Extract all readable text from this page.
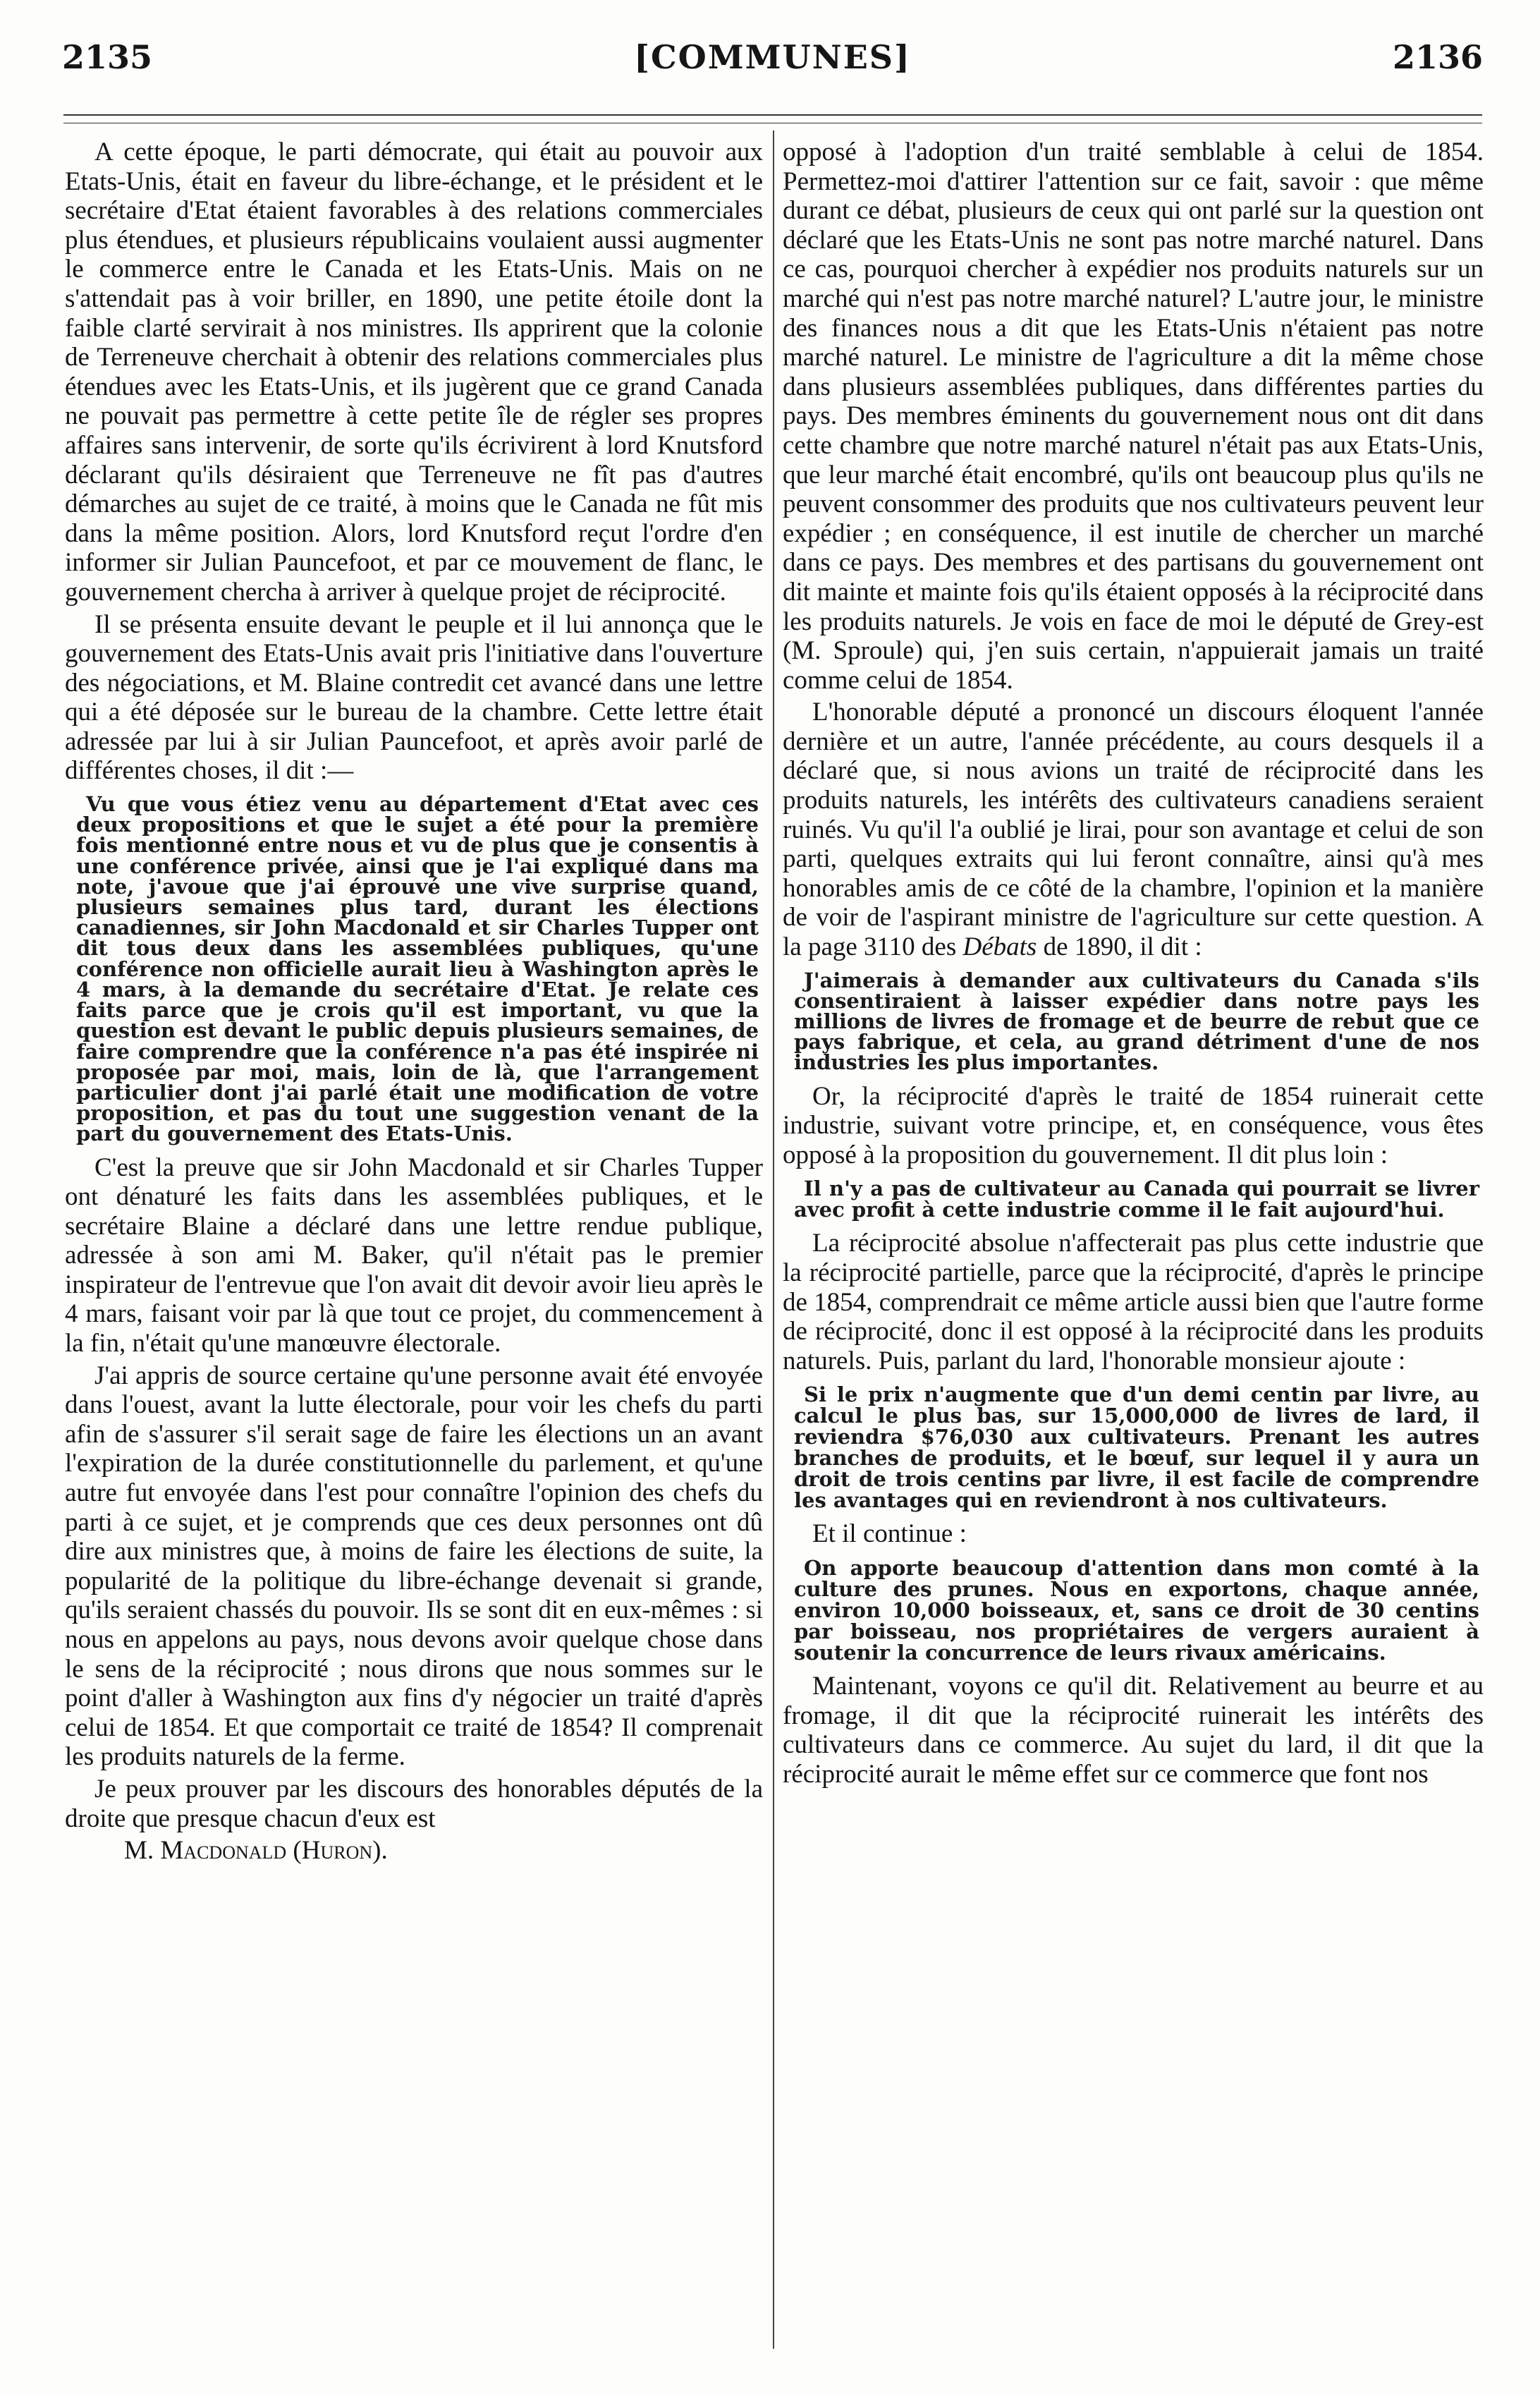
2135	[COMMUNES]	2136

A cette époque, le parti démocrate, qui était au pouvoir aux Etats-Unis, était en faveur du libre-échange, et le président et le secrétaire d'Etat étaient favorables à des relations commerciales plus étendues, et plusieurs républicains voulaient aussi augmenter le commerce entre le Canada et les Etats-Unis. Mais on ne s'attendait pas à voir briller, en 1890, une petite étoile dont la faible clarté servirait à nos ministres. Ils apprirent que la colonie de Terreneuve cherchait à obtenir des relations commerciales plus étendues avec les Etats-Unis, et ils jugèrent que ce grand Canada ne pouvait pas permettre à cette petite île de régler ses propres affaires sans intervenir, de sorte qu'ils écrivirent à lord Knutsford déclarant qu'ils désiraient que Terreneuve ne fît pas d'autres démarches au sujet de ce traité, à moins que le Canada ne fût mis dans la même position. Alors, lord Knutsford reçut l'ordre d'en informer sir Julian Pauncefoot, et par ce mouvement de flanc, le gouvernement chercha à arriver à quelque projet de réciprocité.

Il se présenta ensuite devant le peuple et il lui annonça que le gouvernement des Etats-Unis avait pris l'initiative dans l'ouverture des négociations, et M. Blaine contredit cet avancé dans une lettre qui a été déposée sur le bureau de la chambre. Cette lettre était adressée par lui à sir Julian Pauncefoot, et après avoir parlé de différentes choses, il dit :—

Vu que vous étiez venu au département d'Etat avec ces deux propositions et que le sujet a été pour la première fois mentionné entre nous et vu de plus que je consentis à une conférence privée, ainsi que je l'ai expliqué dans ma note, j'avoue que j'ai éprouvé une vive surprise quand, plusieurs semaines plus tard, durant les élections canadiennes, sir John Macdonald et sir Charles Tupper ont dit tous deux dans les assemblées publiques, qu'une conférence non officielle aurait lieu à Washington après le 4 mars, à la demande du secrétaire d'Etat. Je relate ces faits parce que je crois qu'il est important, vu que la question est devant le public depuis plusieurs semaines, de faire comprendre que la conférence n'a pas été inspirée ni proposée par moi, mais, loin de là, que l'arrangement particulier dont j'ai parlé était une modification de votre proposition, et pas du tout une suggestion venant de la part du gouvernement des Etats-Unis.

C'est la preuve que sir John Macdonald et sir Charles Tupper ont dénaturé les faits dans les assemblées publiques, et le secrétaire Blaine a déclaré dans une lettre rendue publique, adressée à son ami M. Baker, qu'il n'était pas le premier inspirateur de l'entrevue que l'on avait dit devoir avoir lieu après le 4 mars, faisant voir par là que tout ce projet, du commencement à la fin, n'était qu'une manœuvre électorale.

J'ai appris de source certaine qu'une personne avait été envoyée dans l'ouest, avant la lutte électorale, pour voir les chefs du parti afin de s'assurer s'il serait sage de faire les élections un an avant l'expiration de la durée constitutionnelle du parlement, et qu'une autre fut envoyée dans l'est pour connaître l'opinion des chefs du parti à ce sujet, et je comprends que ces deux personnes ont dû dire aux ministres que, à moins de faire les élections de suite, la popularité de la politique du libre-échange devenait si grande, qu'ils seraient chassés du pouvoir. Ils se sont dit en eux-mêmes : si nous en appelons au pays, nous devons avoir quelque chose dans le sens de la réciprocité ; nous dirons que nous sommes sur le point d'aller à Washington aux fins d'y négocier un traité d'après celui de 1854. Et que comportait ce traité de 1854? Il comprenait les produits naturels de la ferme.

Je peux prouver par les discours des honorables députés de la droite que presque chacun d'eux est

M. Macdonald (Huron).

opposé à l'adoption d'un traité semblable à celui de 1854. Permettez-moi d'attirer l'attention sur ce fait, savoir : que même durant ce débat, plusieurs de ceux qui ont parlé sur la question ont déclaré que les Etats-Unis ne sont pas notre marché naturel. Dans ce cas, pourquoi chercher à expédier nos produits naturels sur un marché qui n'est pas notre marché naturel? L'autre jour, le ministre des finances nous a dit que les Etats-Unis n'étaient pas notre marché naturel. Le ministre de l'agriculture a dit la même chose dans plusieurs assemblées publiques, dans différentes parties du pays. Des membres éminents du gouvernement nous ont dit dans cette chambre que notre marché naturel n'était pas aux Etats-Unis, que leur marché était encombré, qu'ils ont beaucoup plus qu'ils ne peuvent consommer des produits que nos cultivateurs peuvent leur expédier ; en conséquence, il est inutile de chercher un marché dans ce pays. Des membres et des partisans du gouvernement ont dit mainte et mainte fois qu'ils étaient opposés à la réciprocité dans les produits naturels. Je vois en face de moi le député de Grey-est (M. Sproule) qui, j'en suis certain, n'appuierait jamais un traité comme celui de 1854.

L'honorable député a prononcé un discours éloquent l'année dernière et un autre, l'année précédente, au cours desquels il a déclaré que, si nous avions un traité de réciprocité dans les produits naturels, les intérêts des cultivateurs canadiens seraient ruinés. Vu qu'il l'a oublié je lirai, pour son avantage et celui de son parti, quelques extraits qui lui feront connaître, ainsi qu'à mes honorables amis de ce côté de la chambre, l'opinion et la manière de voir de l'aspirant ministre de l'agriculture sur cette question. A la page 3110 des Débats de 1890, il dit :

J'aimerais à demander aux cultivateurs du Canada s'ils consentiraient à laisser expédier dans notre pays les millions de livres de fromage et de beurre de rebut que ce pays fabrique, et cela, au grand détriment d'une de nos industries les plus importantes.

Or, la réciprocité d'après le traité de 1854 ruinerait cette industrie, suivant votre principe, et, en conséquence, vous êtes opposé à la proposition du gouvernement. Il dit plus loin :

Il n'y a pas de cultivateur au Canada qui pourrait se livrer avec profit à cette industrie comme il le fait aujourd'hui.

La réciprocité absolue n'affecterait pas plus cette industrie que la réciprocité partielle, parce que la réciprocité, d'après le principe de 1854, comprendrait ce même article aussi bien que l'autre forme de réciprocité, donc il est opposé à la réciprocité dans les produits naturels. Puis, parlant du lard, l'honorable monsieur ajoute :

Si le prix n'augmente que d'un demi centin par livre, au calcul le plus bas, sur 15,000,000 de livres de lard, il reviendra $76,030 aux cultivateurs. Prenant les autres branches de produits, et le bœuf, sur lequel il y aura un droit de trois centins par livre, il est facile de comprendre les avantages qui en reviendront à nos cultivateurs.

Et il continue :

On apporte beaucoup d'attention dans mon comté à la culture des prunes. Nous en exportons, chaque année, environ 10,000 boisseaux, et, sans ce droit de 30 centins par boisseau, nos propriétaires de vergers auraient à soutenir la concurrence de leurs rivaux américains.

Maintenant, voyons ce qu'il dit. Relativement au beurre et au fromage, il dit que la réciprocité ruinerait les intérêts des cultivateurs dans ce commerce. Au sujet du lard, il dit que la réciprocité aurait le même effet sur ce commerce que font nos
